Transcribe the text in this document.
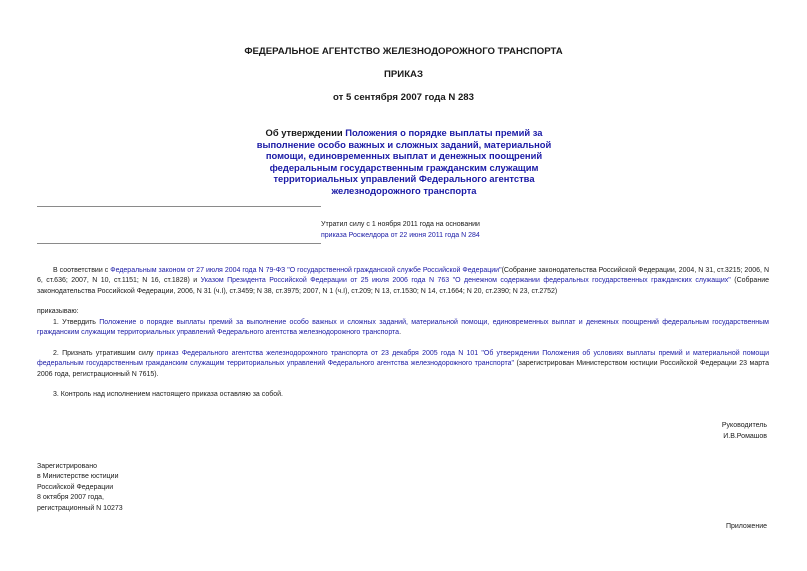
ФЕДЕРАЛЬНОЕ АГЕНТСТВО ЖЕЛЕЗНОДОРОЖНОГО ТРАНСПОРТА
ПРИКАЗ
от 5 сентября 2007 года N 283
Об утверждении Положения о порядке выплаты премий за выполнение особо важных и сложных заданий, материальной помощи, единовременных выплат и денежных поощрений федеральным государственным гражданским служащим территориальных управлений Федерального агентства железнодорожного транспорта
Утратил силу с 1 ноября 2011 года на основании
приказа Росжелдора от 22 июня 2011 года N 284
В соответствии с Федеральным законом от 27 июля 2004 года N 79-ФЗ "О государственной гражданской службе Российской Федерации"(Собрание законодательства Российской Федерации, 2004, N 31, ст.3215; 2006, N 6, ст.636; 2007, N 10, ст.1151; N 16, ст.1828) и Указом Президента Российской Федерации от 25 июля 2006 года N 763 "О денежном содержании федеральных государственных гражданских служащих" (Собрание законодательства Российской Федерации, 2006, N 31 (ч.I), ст.3459; N 38, ст.3975; 2007, N 1 (ч.I), ст.209; N 13, ст.1530; N 14, ст.1664; N 20, ст.2390; N 23, ст.2752)
приказываю:
1. Утвердить Положение о порядке выплаты премий за выполнение особо важных и сложных заданий, материальной помощи, единовременных выплат и денежных поощрений федеральным государственным гражданским служащим территориальных управлений Федерального агентства железнодорожного транспорта.
2. Признать утратившим силу приказ Федерального агентства железнодорожного транспорта от 23 декабря 2005 года N 101 "Об утверждении Положения об условиях выплаты премий и материальной помощи федеральным государственным гражданским служащим территориальных управлений Федерального агентства железнодорожного транспорта" (зарегистрирован Министерством юстиции Российской Федерации 23 марта 2006 года, регистрационный N 7615).
3. Контроль над исполнением настоящего приказа оставляю за собой.
Руководитель
И.В.Ромашов
Зарегистрировано
в Министерстве юстиции
Российской Федерации
8 октября 2007 года,
регистрационный N 10273
Приложение
